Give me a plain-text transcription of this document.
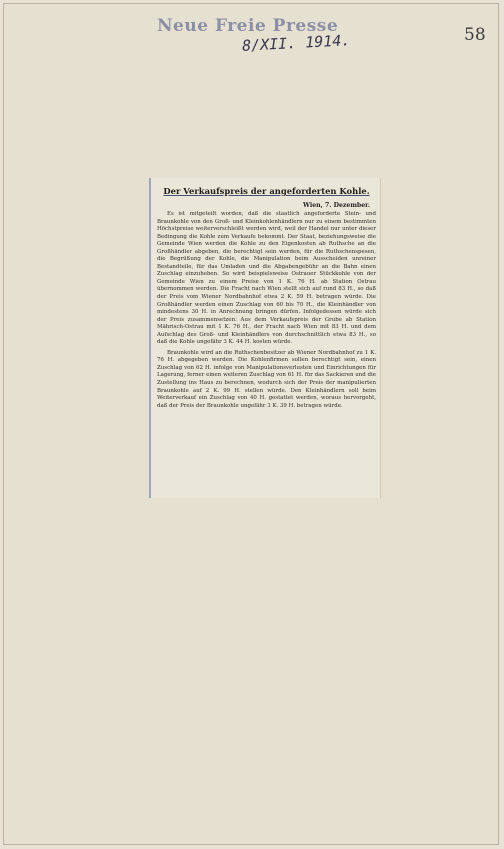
Neue Freie Presse
8/XII. 1914.	58
Der Verkaufspreis der angeforderten Kohle.
Wien, 7. Dezember.

Es ist mitgeteilt worden, daß die staatlich angeforderte Stein- und Braunkohle von den Groß- und Kleinkohlenhändlern nur zu einem bestimmten Höchstpreise weiterverschleißt werden wird, weil der Handel nur unter dieser Bedingung die Kohle zum Verkaufe bekommt. Der Staat, beziehungsweise die Gemeinde Wien werden die Kohle zu den Eigenkosten ab Ruthsche an die Großhändler abgeben, die berechtigt sein werden, für die Ruthschenspesen, die Begrüßung der Kohle, die Manipulation beim Ausscheiden unreiner Bestandteile, für das Umladen und die Abgabengebühr an die Bahn einen Zuschlag einzuheben. So wird beispielsweise Ostrauer Stückkohle von der Gemeinde Wien zu einem Preise von 1 K. 76 H. ab Station Ostrau übernommen werden. Die Fracht nach Wien stellt sich auf rund 83 H., so daß der Preis vom Wiener Nordbahnhof etwa 2 K. 59 H. betragen würde. Die Großhändler werden einen Zuschlag von 60 bis 70 H., die Kleinhändler von mindestens 30 H. in Anrechnung bringen dürfen. Infolgedessen würde sich der Preis zusammensetzen: Aus dem Verkaufspreis der Grube ab Station Mährisch-Ostrau mit 1 K. 76 H., der Fracht nach Wien mit 83 H. und dem Aufschlag des Groß- und Kleinhändlers von durchschnittlich etwa 83 H., so daß die Kohle ungefähr 3 K. 44 H. kosten würde.

Braunkohle wird an die Ruthschenbesitzer ab Wiener Nordbahnhof zu 1 K. 76 H. abgegeben werden. Die Kohlenfirmen sollen berechtigt sein, einen Zuschlag von 62 H. infolge von Manipulationsverlusten und Einrichtungen für Lagerung, ferner einen weiteren Zuschlag von 61 H. für das Sackieren und die Zustellung ins Haus zu berechnen, wodurch sich der Preis der manipulierten Braunkohle auf 2 K. 99 H. stellen würde. Den Kleinhändlern soll beim Weiterverkauf ein Zuschlag von 40 H. gestattet werden, woraus hervorgeht, daß der Preis der Braunkohle ungefähr 3 K. 39 H. betragen würde.
